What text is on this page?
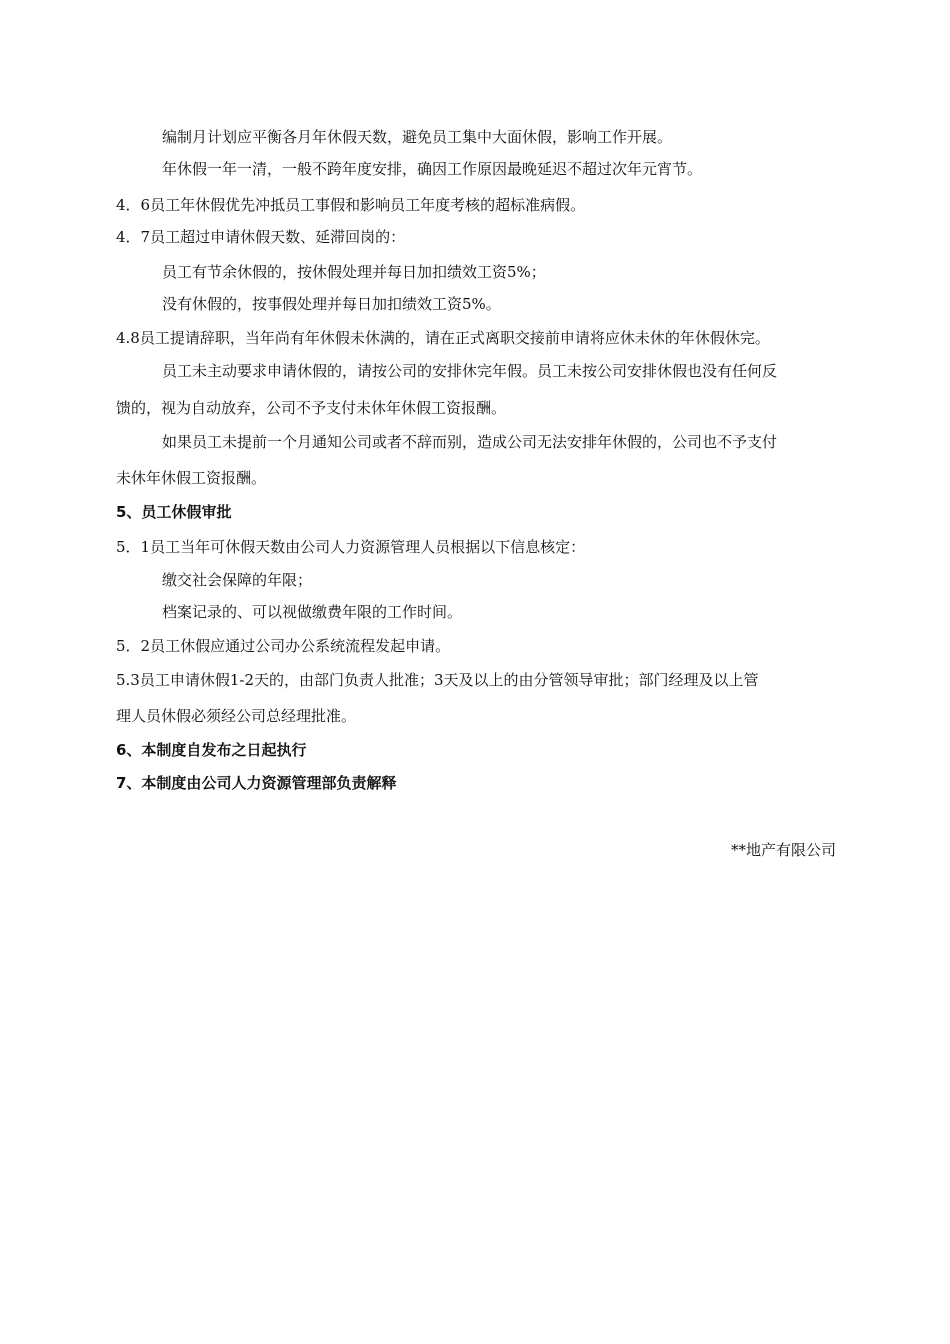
编制月计划应平衡各月年休假天数，避免员工集中大面休假，影响工作开展。
年休假一年一清，一般不跨年度安排，确因工作原因最晚延迟不超过次年元宵节。
4．6员工年休假优先冲抵员工事假和影响员工年度考核的超标准病假。
4．7员工超过申请休假天数、延滞回岗的：
员工有节余休假的，按休假处理并每日加扣绩效工资5%；
没有休假的，按事假处理并每日加扣绩效工资5%。
4.8员工提请辞职，当年尚有年休假未休满的，请在正式离职交接前申请将应休未休的年休假休完。
员工未主动要求申请休假的，请按公司的安排休完年假。员工未按公司安排休假也没有任何反
馈的，视为自动放弃，公司不予支付未休年休假工资报酬。
如果员工未提前一个月通知公司或者不辞而别，造成公司无法安排年休假的，公司也不予支付
未休年休假工资报酬。
5、员工休假审批
5．1员工当年可休假天数由公司人力资源管理人员根据以下信息核定：
缴交社会保障的年限；
档案记录的、可以视做缴费年限的工作时间。
5．2员工休假应通过公司办公系统流程发起申请。
5.3员工申请休假1-2天的，由部门负责人批准；3天及以上的由分管领导审批；部门经理及以上管
理人员休假必须经公司总经理批准。
6、本制度自发布之日起执行
7、本制度由公司人力资源管理部负责解释
**地产有限公司
